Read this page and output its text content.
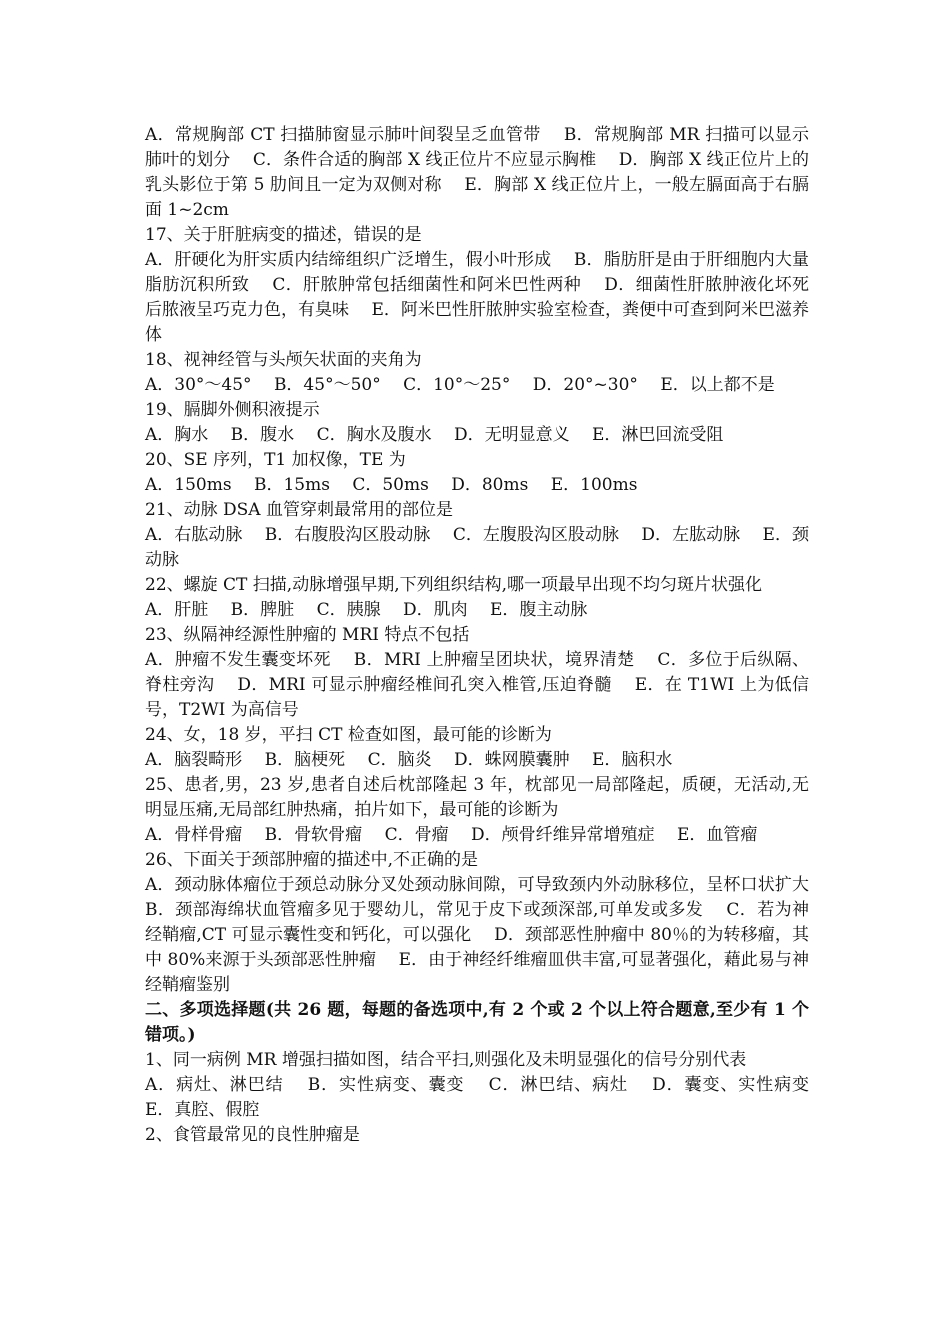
A．常规胸部 CT 扫描肺窗显示肺叶间裂呈乏血管带　 B．常规胸部 MR 扫描可以显示肺叶的划分　 C．条件合适的胸部 X 线正位片不应显示胸椎　 D．胸部 X 线正位片上的乳头影位于第 5 肋间且一定为双侧对称　 E．胸部 X 线正位片上，一般左膈面高于右膈面 1~2cm

17、关于肝脏病变的描述，错误的是

A．肝硬化为肝实质内结缔组织广泛增生，假小叶形成　 B．脂肪肝是由于肝细胞内大量脂肪沉积所致　 C．肝脓肿常包括细菌性和阿米巴性两种　 D．细菌性肝脓肿液化坏死后脓液呈巧克力色，有臭味　 E．阿米巴性肝脓肿实验室检查，粪便中可查到阿米巴滋养体

18、视神经管与头颅矢状面的夹角为

A．30°～45°　 B．45°～50°　 C．10°～25°　 D．20°~30°　 E．以上都不是

19、膈脚外侧积液提示

A．胸水　 B．腹水　 C．胸水及腹水　 D．无明显意义　 E．淋巴回流受阻

20、SE 序列，T1 加权像，TE 为

A．150ms　 B．15ms　 C．50ms　 D．80ms　 E．100ms

21、动脉 DSA 血管穿刺最常用的部位是

A．右肱动脉　 B．右腹股沟区股动脉　 C．左腹股沟区股动脉　 D．左肱动脉　 E．颈动脉

22、螺旋 CT 扫描,动脉增强早期,下列组织结构,哪一项最早出现不均匀斑片状强化

A．肝脏　 B．脾脏　 C．胰腺　 D．肌肉　 E．腹主动脉

23、纵隔神经源性肿瘤的 MRI 特点不包括

A．肿瘤不发生囊变坏死　 B．MRI 上肿瘤呈团块状，境界清楚　 C．多位于后纵隔、脊柱旁沟　 D．MRI 可显示肿瘤经椎间孔突入椎管,压迫脊髓　 E．在 T1WI 上为低信号，T2WI 为高信号

24、女，18 岁，平扫 CT 检查如图，最可能的诊断为

A．脑裂畸形　 B．脑梗死　 C．脑炎　 D．蛛网膜囊肿　 E．脑积水

25、患者,男，23 岁,患者自述后枕部隆起 3 年，枕部见一局部隆起，质硬，无活动,无明显压痛,无局部红肿热痛，拍片如下，最可能的诊断为

A．骨样骨瘤　 B．骨软骨瘤　 C．骨瘤　 D．颅骨纤维异常增殖症　 E．血管瘤

26、下面关于颈部肿瘤的描述中,不正确的是

A．颈动脉体瘤位于颈总动脉分叉处颈动脉间隙，可导致颈内外动脉移位，呈杯口状扩大　 B．颈部海绵状血管瘤多见于婴幼儿，常见于皮下或颈深部,可单发或多发　 C．若为神经鞘瘤,CT 可显示囊性变和钙化，可以强化　 D．颈部恶性肿瘤中 80％的为转移瘤，其中 80%来源于头颈部恶性肿瘤　 E．由于神经纤维瘤皿供丰富,可显著强化，藉此易与神经鞘瘤鉴别

二、多项选择题(共 26 题，每题的备选项中,有 2 个或 2 个以上符合题意,至少有 1 个错项。)

1、同一病例 MR 增强扫描如图，结合平扫,则强化及未明显强化的信号分别代表

A．病灶、淋巴结　 B．实性病变、囊变　 C．淋巴结、病灶　 D．囊变、实性病变　 E．真腔、假腔

2、食管最常见的良性肿瘤是
